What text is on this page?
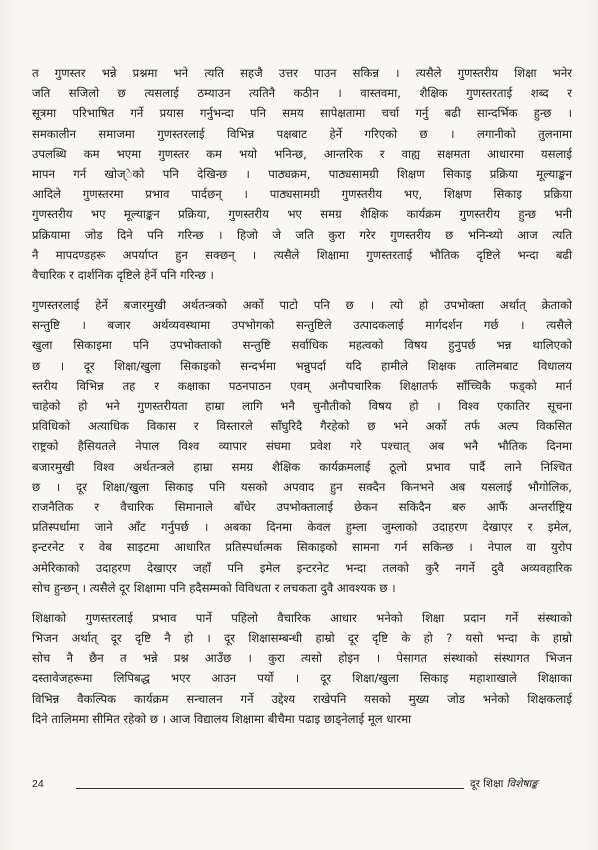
त गुणस्तर भन्ने प्रश्नमा भने त्यति सहजै उत्तर पाउन सकिन्न । त्यसैले गुणस्तरीय शिक्षा भनेर
जति सजिलो छ त्यसलाई ठम्याउन त्यतिनै कठीन । वास्तवमा, शैक्षिक गुणस्तरताई शब्द र
सूत्रमा परिभाषित गर्ने प्रयास गर्नुभन्दा पनि समय सापेक्षतामा चर्चा गर्नु बढी सान्दर्भिक हुन्छ ।
समकालीन समाजमा गुणस्तरलाई विभिन्न पक्षबाट हेर्ने गरिएको छ । लगानीको तुलनामा
उपलब्धि कम भएमा गुणस्तर कम भयो भनिन्छ, आन्तरिक र वाह्य सक्षमता आधारमा यसलाई
मापन गर्न खोज्ेको पनि देखिन्छ । पाठ्यक्रम, पाठ्यसामग्री शिक्षण सिकाइ प्रक्रिया मूल्याङ्कन
आदिले गुणस्तरमा प्रभाव पार्दछन् । पाठ्यसामग्री गुणस्तरीय भए, शिक्षण सिकाइ प्रक्रिया
गुणस्तरीय भए मूल्याङ्कन प्रक्रिया, गुणस्तरीय भए समग्र शैक्षिक कार्यक्रम गुणस्तरीय हुन्छ भनी
प्रक्रियामा जोड दिने पनि गरिन्छ । हिजो जे जति कुरा गरेर गुणस्तरीय छ भनिन्थ्यो आज त्यति
नै मापदण्डहरू अपर्याप्त हुन सक्छन् । त्यसैले शिक्षामा गुणस्तरताई भौतिक दृष्टिले भन्दा बढी
वैचारिक र दार्शनिक दृष्टिले हेर्ने पनि गरिन्छ ।
गुणस्तरलाई हेर्ने बजारमुखी अर्थतन्त्रको अर्को पाटो पनि छ । त्यो हो उपभोक्ता अर्थात् क्रेताको
सन्तुष्टि । बजार अर्थव्यवस्थामा उपभोगको सन्तुष्टिले उत्पादकलाई मार्गदर्शन गर्छ । त्यसैले
खुला सिकाइमा पनि उपभोक्ताको सन्तुष्टि सर्वाधिक महत्वको विषय हुनुपर्छ भन्न थालिएको
छ । दूर शिक्षा/खुला सिकाइको सन्दर्भमा भन्नुपर्दा यदि हामीले शिक्षक तालिमबाट विधालय
स्तरीय विभिन्न तह र कक्षाका पठनपाठन एवम् अनौपचारिक शिक्षातर्फ साँच्चिकै फड्को मार्न
चाहेको हो भने गुणस्तरीयता हाम्रा लागि भनै चुनौतीको विषय हो । विश्व एकातिर सूचना
प्रविधिको अत्याधिक विकास र विस्तारले साँघुरिदै गैरहेको छ भने अर्को तर्फ अल्प विकसित
राष्ट्रको हैसियतले नेपाल विश्व व्यापार संघमा प्रवेश गरे पश्चात् अब भनै भौतिक दिनमा
बजारमुखी विश्व अर्थतन्त्रले हाम्रा समग्र शैक्षिक कार्यक्रमलाई ठूलो प्रभाव पार्दै लाने निश्चित
छ । दूर शिक्षा/खुला सिकाइ पनि यसको अपवाद हुन सक्दैन किनभने अब यसलाई भौगोलिक,
राजनैतिक र वैचारिक सिमानाले बाँधेर उपभोक्तालाई छेकन सकिदैन बरु आफैं अन्तर्राष्ट्रिय
प्रतिस्पर्धामा जाने आँट गर्नुपर्छ । अबका दिनमा केवल हुम्ला जुम्लाको उदाहरण देखाएर र इमेल,
इन्टरनेट र वेब साइटमा आधारित प्रतिस्पर्धात्मक सिकाइको सामना गर्न सकिन्छ । नेपाल वा युरोप
अमेरिकाको उदाहरण देखाएर जहाँ पनि इमेल इन्टरनेट भन्दा तलको कुरै नगर्ने दुवै अव्यवहारिक
सोच हुन्छन् । त्यसैले दूर शिक्षामा पनि हदैसम्मको विविधता र लचकता दुवै आवश्यक छ ।
शिक्षाको गुणस्तरलाई प्रभाव पार्ने पहिलो वैचारिक आधार भनेको शिक्षा प्रदान गर्ने संस्थाको
भिजन अर्थात् दूर दृष्टि नै हो । दूर शिक्षासम्बन्धी हाम्रो दूर दृष्टि के हो ? यसो भन्दा के हाम्रो
सोच नै छैन त भन्ने प्रश्न आउँछ । कुरा त्यसो होइन । पेसागत संस्थाको संस्थागत भिजन
दस्तावेजहरूमा लिपिबद्ध भएर आउन पर्यो । दूर शिक्षा/खुला सिकाइ महाशाखाले शिक्षाका
विभिन्न वैकल्पिक कार्यक्रम सन्चालन गर्ने उद्देश्य राखेपनि यसको मुख्य जोड भनेको शिक्षकलाई
दिने तालिममा सीमित रहेको छ । आज विद्यालय शिक्षामा बीचैमा पढाइ छाड्नेलाई मूल धारमा
24	दूर शिक्षा विशेषाङ्क
